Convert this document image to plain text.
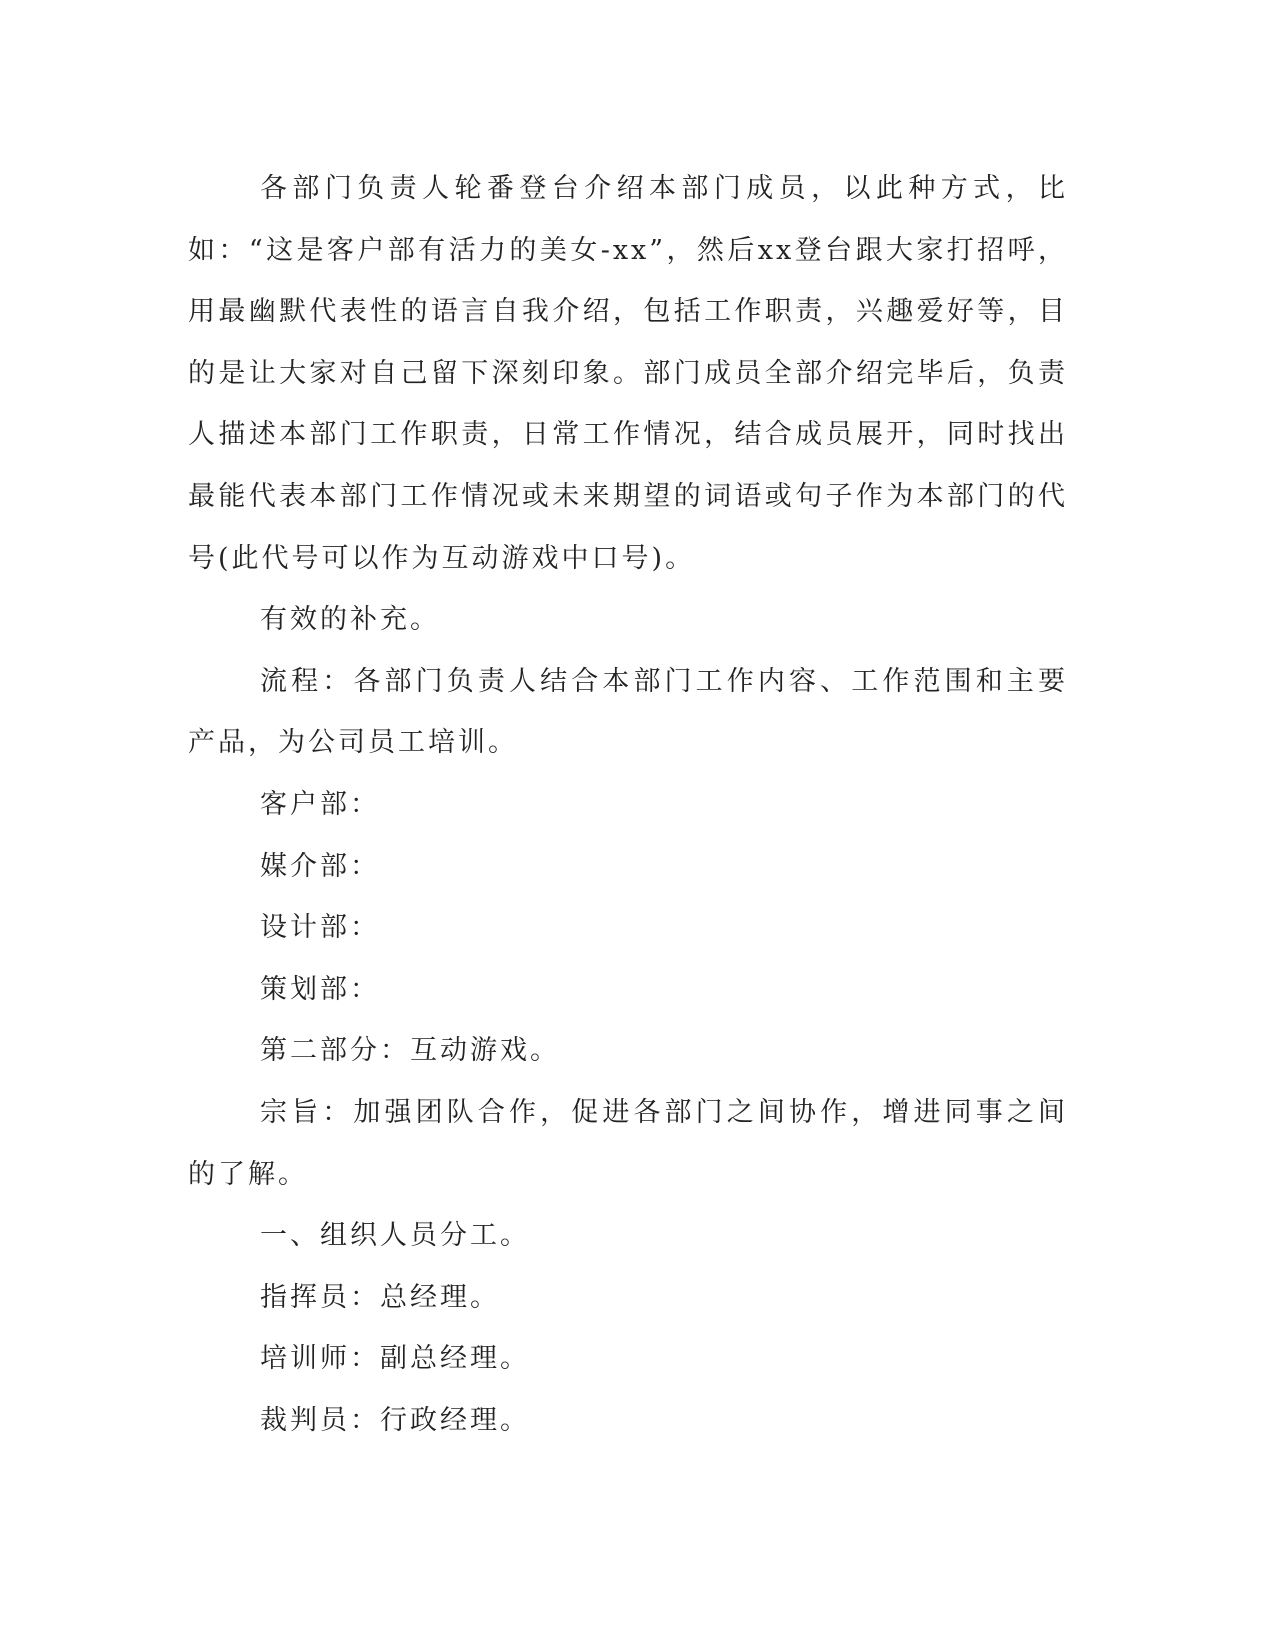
各部门负责人轮番登台介绍本部门成员，以此种方式，比如：“这是客户部有活力的美女-xx”，然后xx登台跟大家打招呼，用最幽默代表性的语言自我介绍，包括工作职责，兴趣爱好等，目的是让大家对自己留下深刻印象。部门成员全部介绍完毕后，负责人描述本部门工作职责，日常工作情况，结合成员展开，同时找出最能代表本部门工作情况或未来期望的词语或句子作为本部门的代号(此代号可以作为互动游戏中口号)。

有效的补充。

流程：各部门负责人结合本部门工作内容、工作范围和主要产品，为公司员工培训。

客户部：

媒介部：

设计部：

策划部：

第二部分：互动游戏。

宗旨：加强团队合作，促进各部门之间协作，增进同事之间的了解。

一、组织人员分工。

指挥员：总经理。

培训师：副总经理。

裁判员：行政经理。
